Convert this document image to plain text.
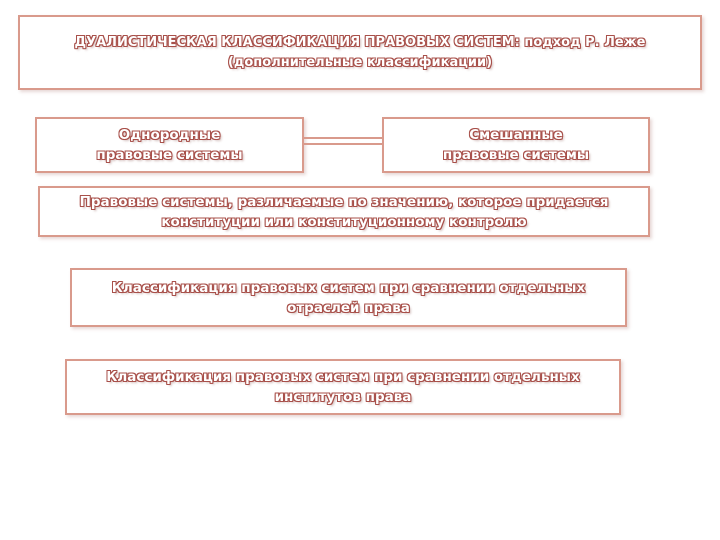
ДУАЛИСТИЧЕСКАЯ КЛАССИФИКАЦИЯ ПРАВОВЫХ СИСТЕМ: подход Р. Леже
(дополнительные классификации)
Однородные
правовые системы
Смешанные
правовые системы
Правовые системы, различаемые по значению, которое придается
конституции или конституционному контролю
Классификация правовых систем при сравнении отдельных
отраслей права
Классификация правовых систем при сравнении отдельных
институтов права
